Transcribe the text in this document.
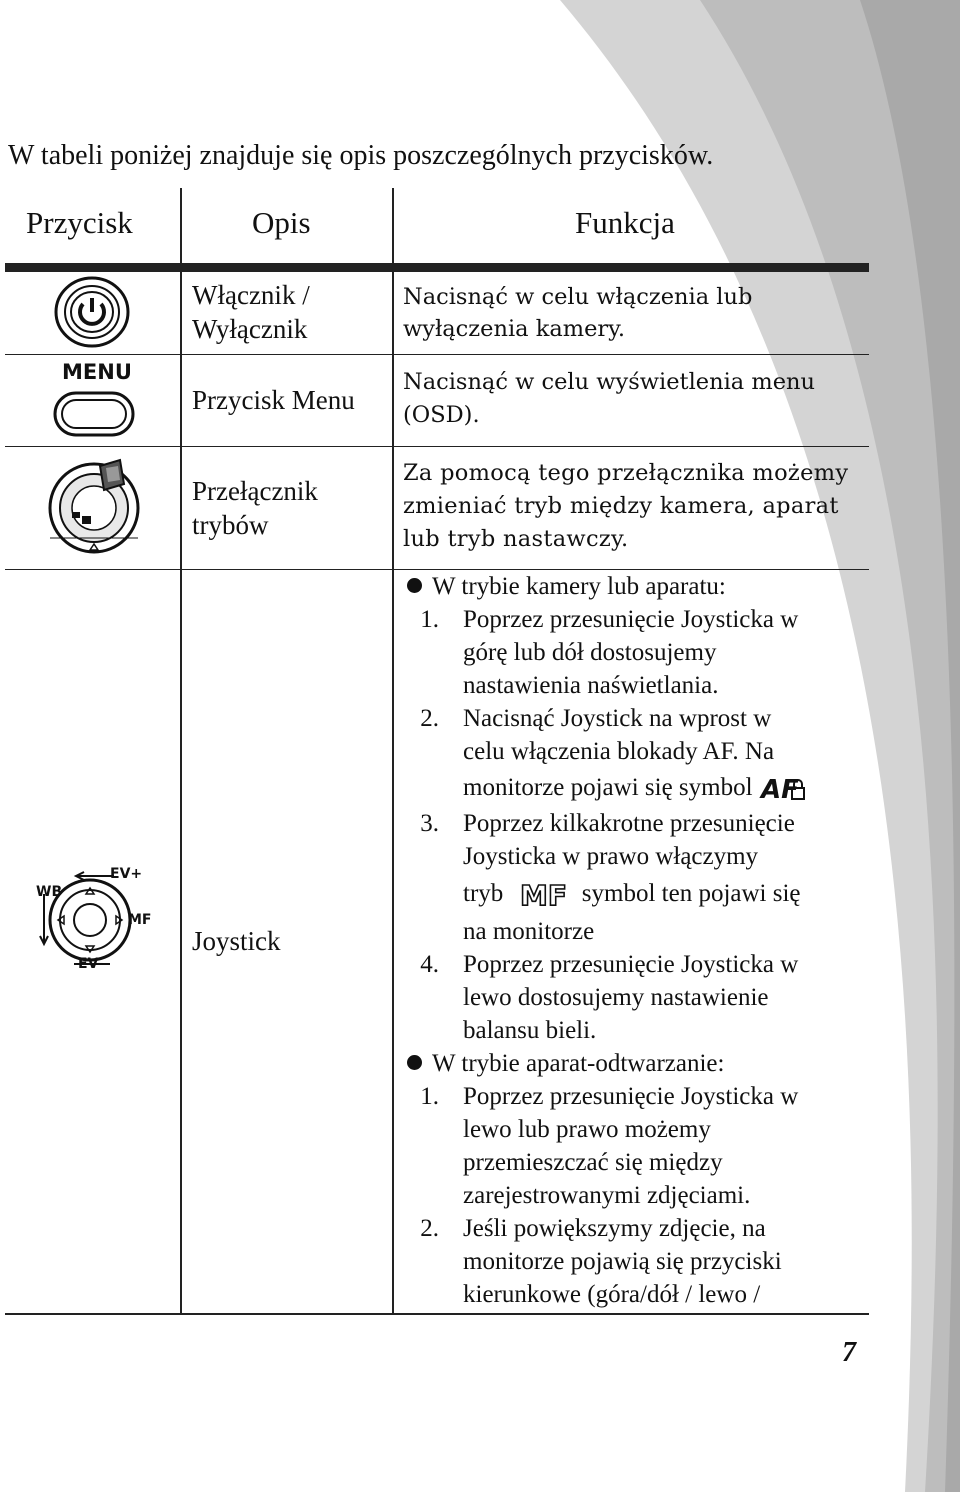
W tabeli poniżej znajduje się opis poszczególnych przycisków.

Przycisk	Opis	Funkcja
Włącznik /
Wyłącznik
Nacisnąć w celu włączenia lub
wyłączenia kamery.
MENU
Przycisk Menu
Nacisnąć w celu wyświetlenia menu
(OSD).
Przełącznik
trybów
Za pomocą tego przełącznika możemy
zmieniać tryb między kamera, aparat
lub tryb nastawczy.
EV+
EV-
WB
MF
Joystick
W trybie kamery lub aparatu:
1. Poprzez przesunięcie Joysticka w
górę lub dół dostosujemy
nastawienia naświetlania.
2. Nacisnąć Joystick na wprost w
celu włączenia blokady AF. Na
monitorze pojawi się symbol AF
3. Poprzez kilkakrotne przesunięcie
Joysticka w prawo włączymy
tryb MF symbol ten pojawi się
na monitorze
4. Poprzez przesunięcie Joysticka w
lewo dostosujemy nastawienie
balansu bieli.
W trybie aparat-odtwarzanie:
1. Poprzez przesunięcie Joysticka w
lewo lub prawo możemy
przemieszczać się między
zarejestrowanymi zdjęciami.
2. Jeśli powiększymy zdjęcie, na
monitorze pojawią się przyciski
kierunkowe (góra/dół / lewo /
7
